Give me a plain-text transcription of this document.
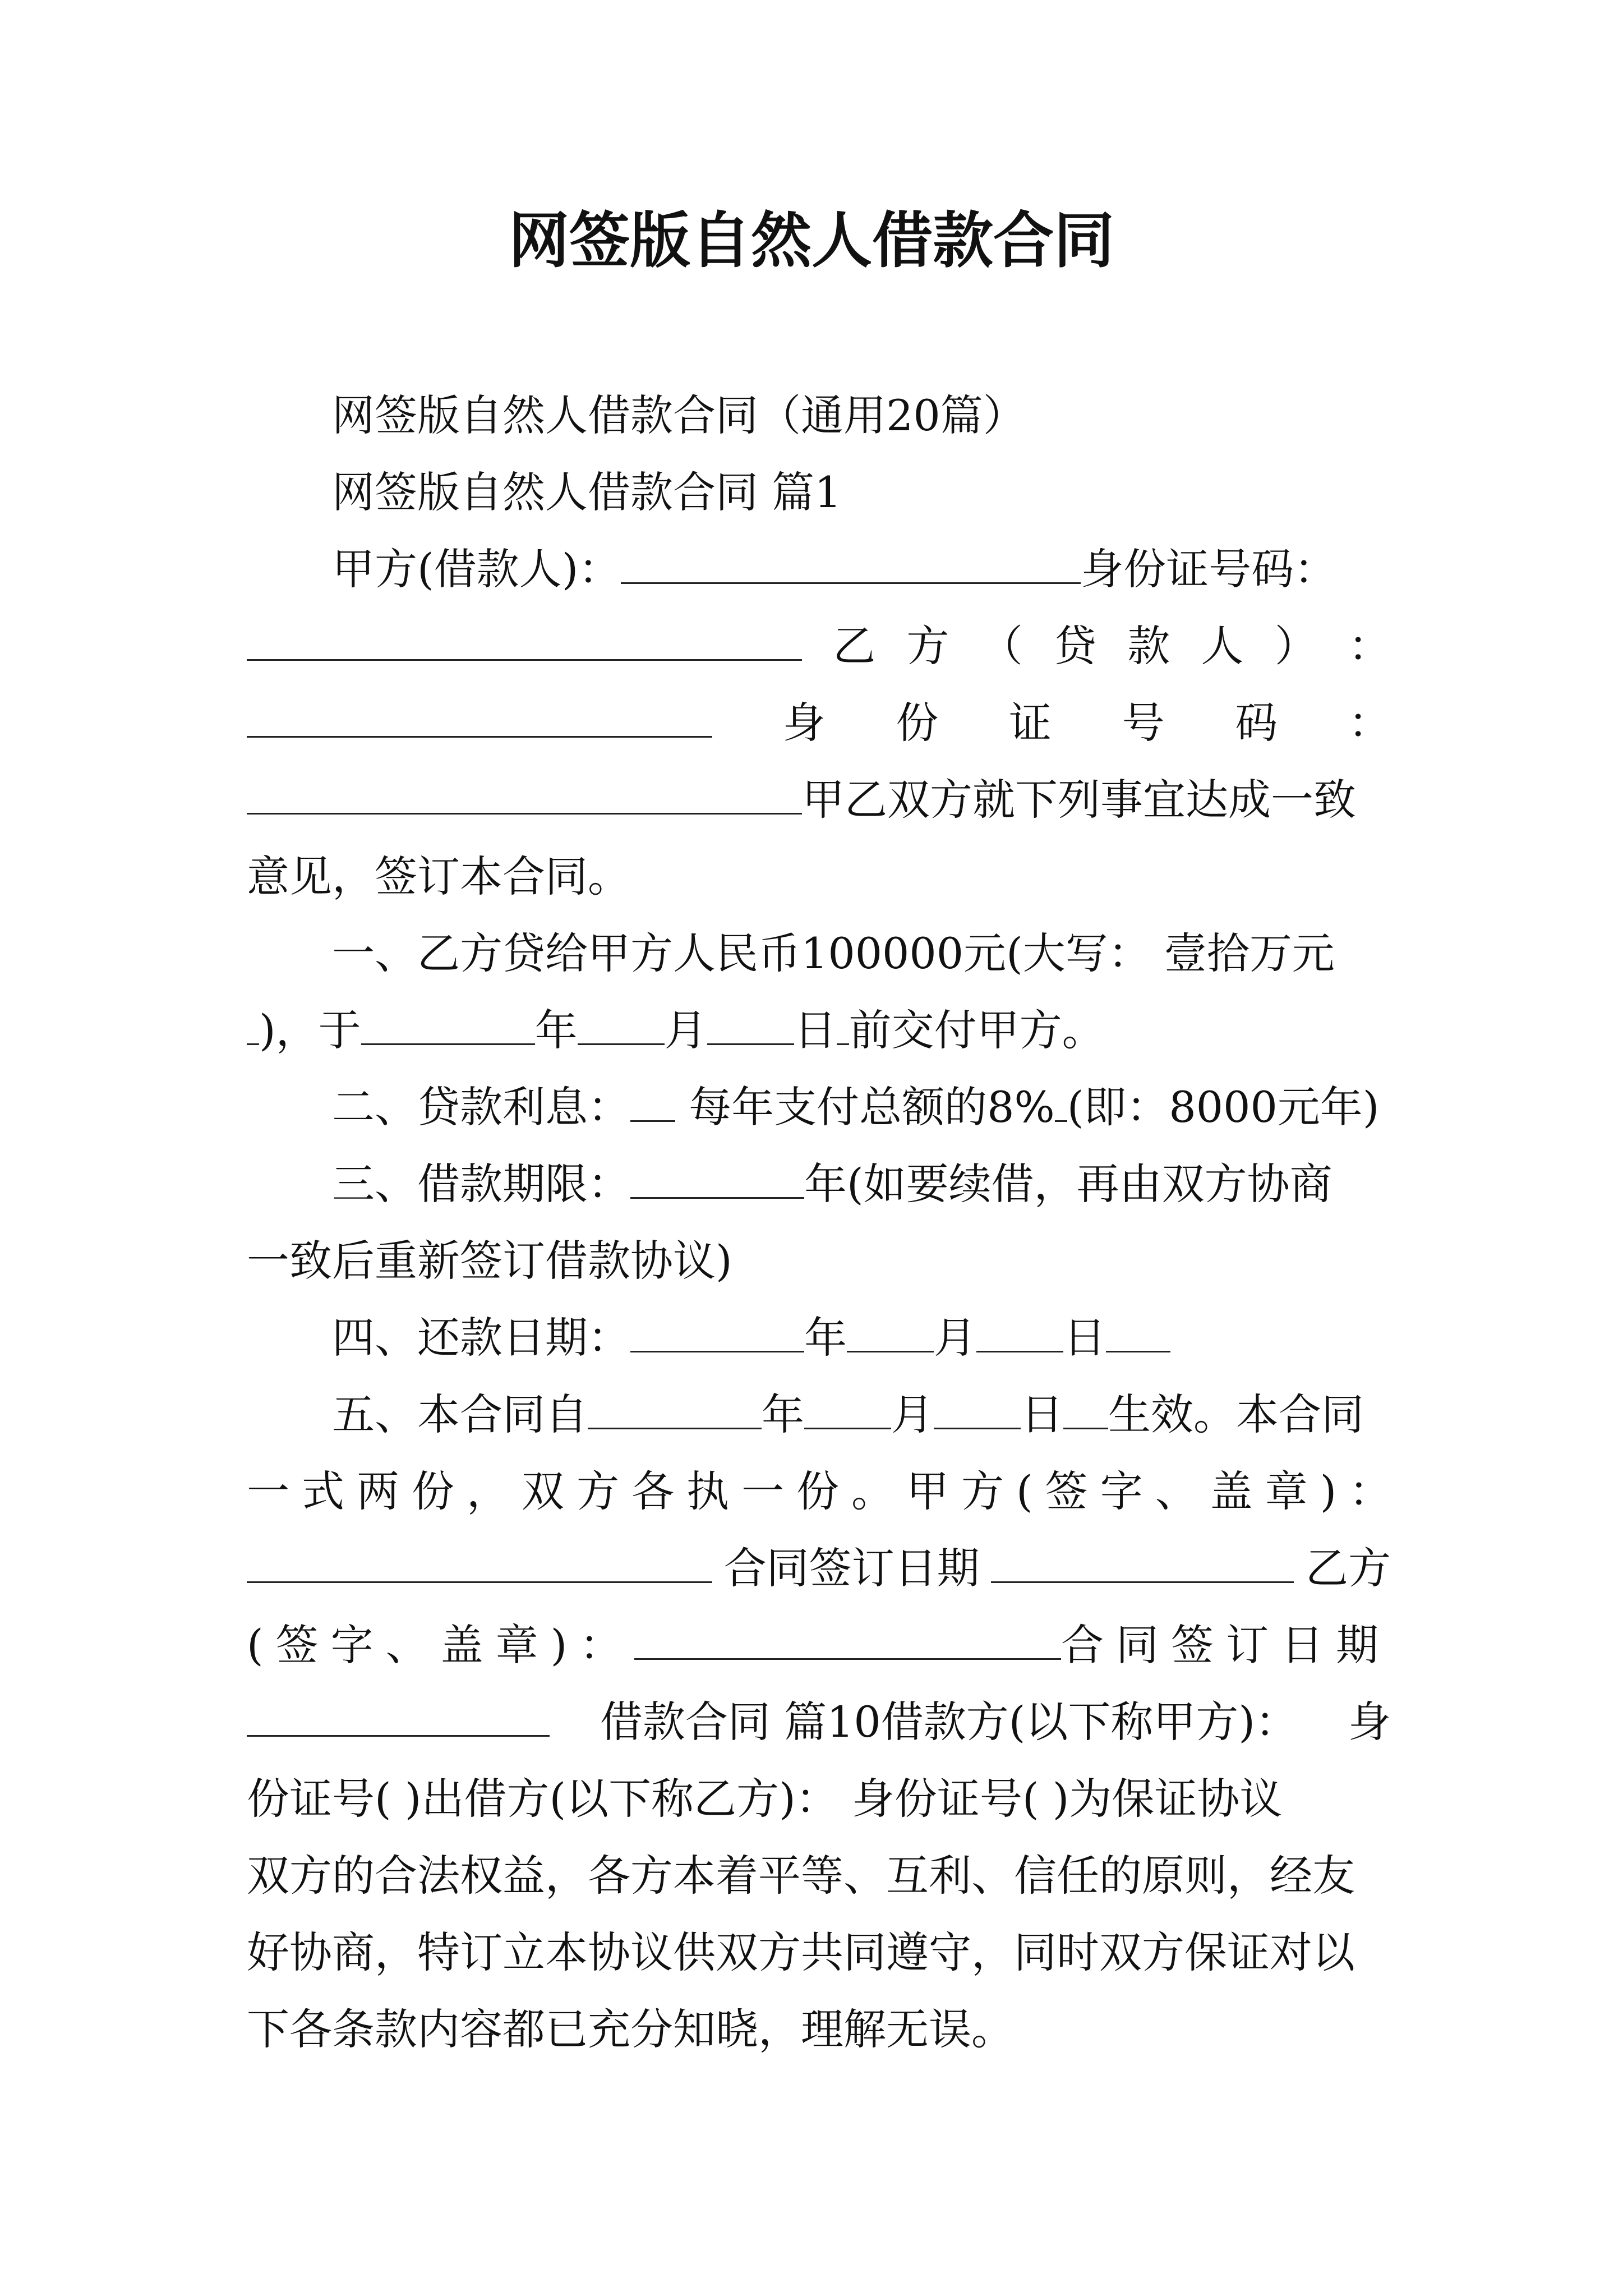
网签版自然人借款合同
网签版自然人借款合同（通用20篇）
网签版自然人借款合同 篇1
甲方(借款人)：	身份证号码：
乙 方 （ 贷 款 人 ） ：
身 份 证 号 码 ：
甲乙双方就下列事宜达成一致
意见，签订本合同。
一、乙方贷给甲方人民币100000元(大写： 壹拾万元
)，于	年 月 日 前交付甲方。
二、贷款利息： 每年支付总额的8% (即：8000元年)
三、借款期限：	年(如要续借，再由双方协商
一致后重新签订借款协议)
四、还款日期：	年 月 日
五、本合同自	年 月 日 生效。本合同
一式两份，双方各执一份。甲方(签字、盖章)：
合同签订日期	乙方
(签字、盖章)：	合同签订日期
借款合同 篇10借款方(以下称甲方)： 身
份证号( )出借方(以下称乙方)： 身份证号( )为保证协议
双方的合法权益，各方本着平等、互利、信任的原则，经友
好协商，特订立本协议供双方共同遵守，同时双方保证对以
下各条款内容都已充分知晓，理解无误。
